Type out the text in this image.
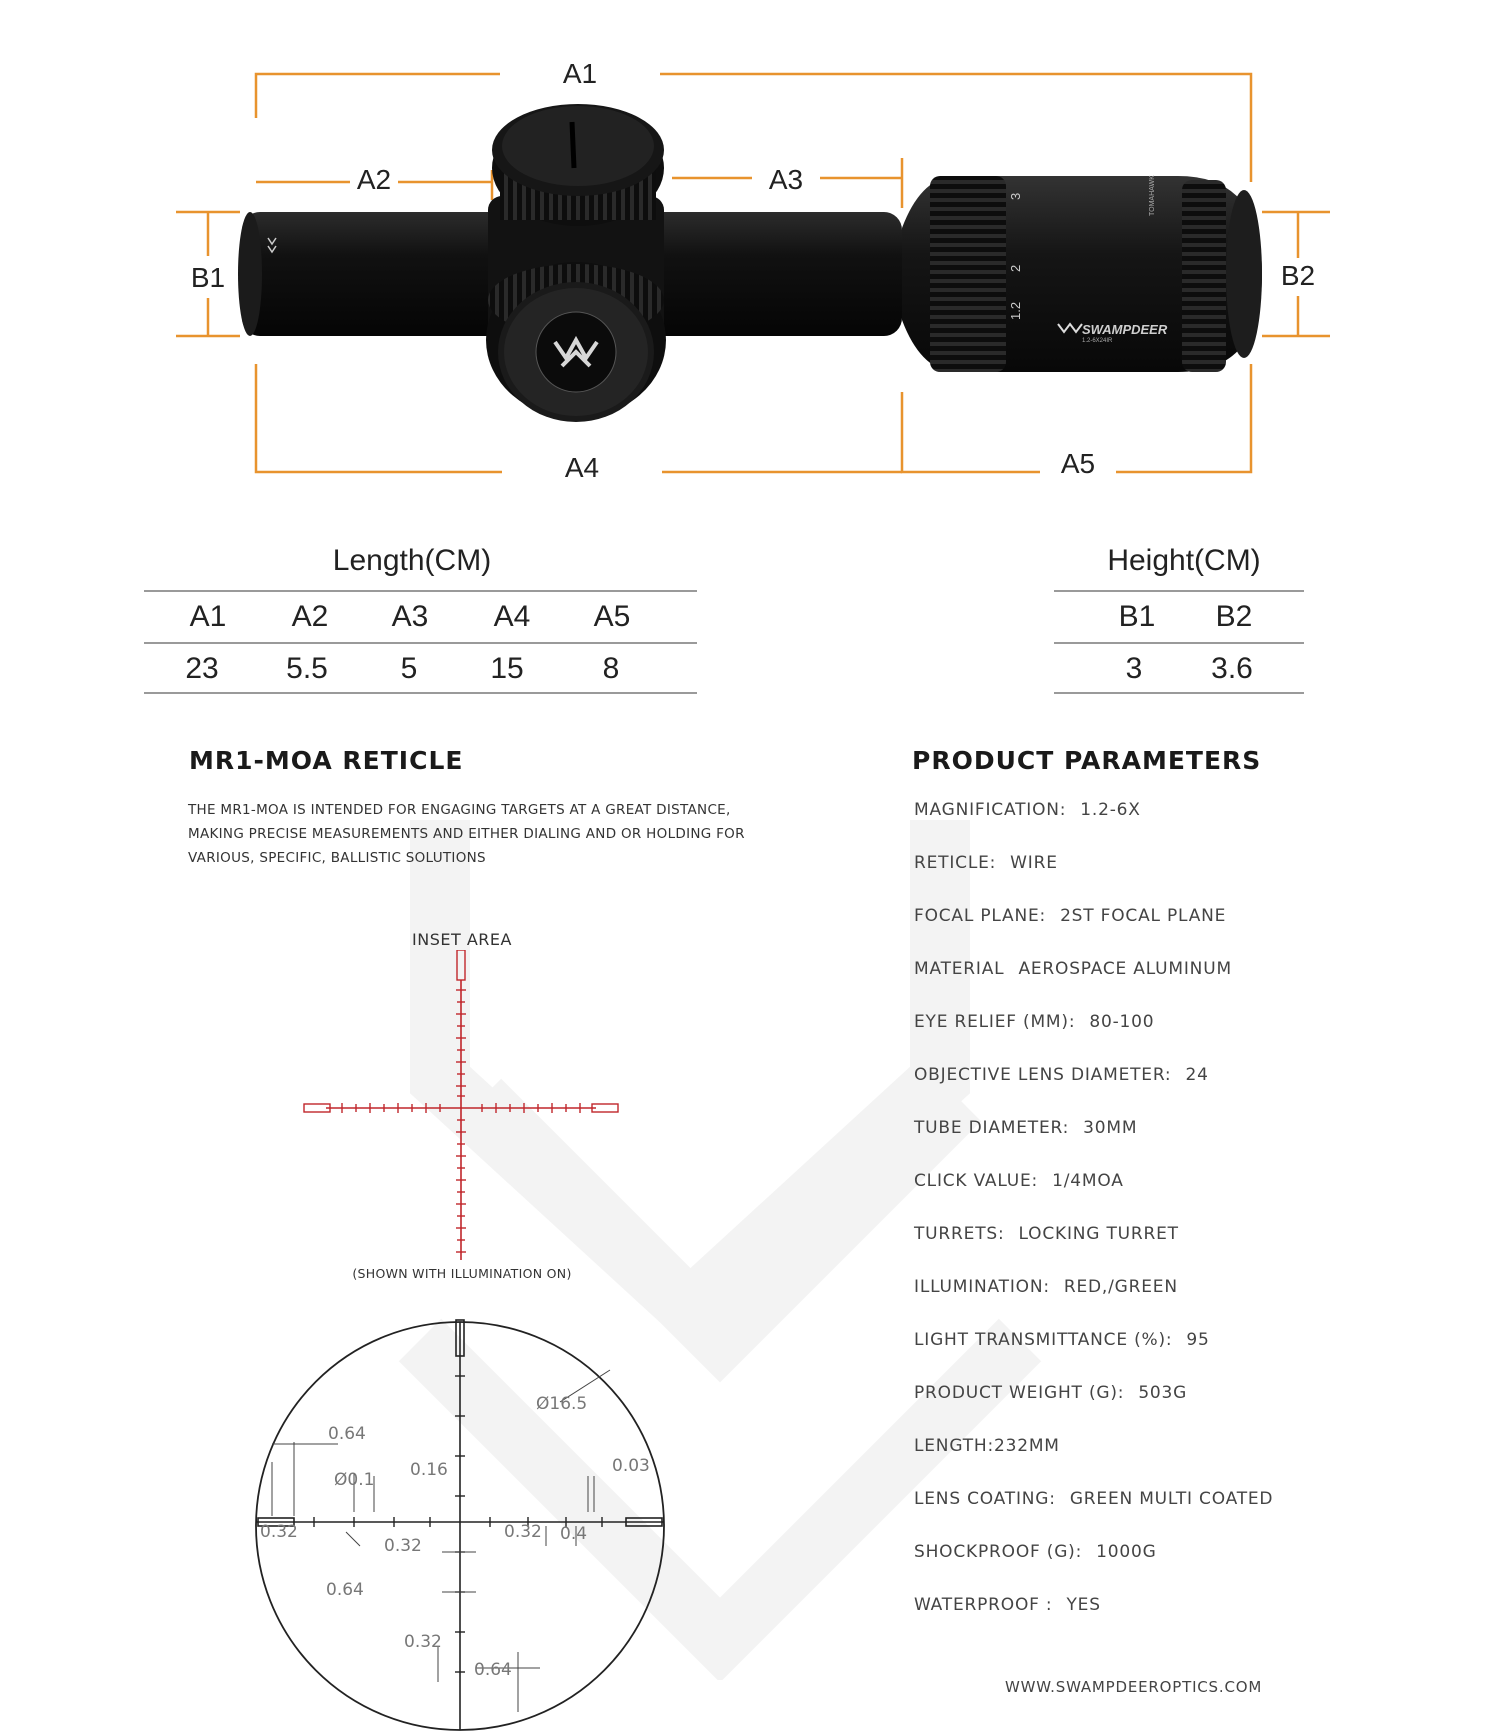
SWAMPDEER
1.2-6X24IR
1.2
2
3	TOMAHAWK
A1
A2	A3
A4	A5
B1	B2
Length(CM)
A1 A2 A3 A4 A5
23 5.5 5 15	8
Height(CM)
B1 B2
3 3.6
MR1-MOA RETICLE
THE MR1-MOA IS INTENDED FOR ENGAGING TARGETS AT A GREAT DISTANCE,
MAKING PRECISE MEASUREMENTS AND EITHER DIALING AND OR HOLDING FOR
VARIOUS, SPECIFIC, BALLISTIC SOLUTIONS
INSET AREA
(SHOWN WITH ILLUMINATION ON)
Ø16.5
0.64
Ø0.1 0.16	0.03
0.32
0.32
0.32 0.4
0.64
0.32
0.64
PRODUCT PARAMETERS
MAGNIFICATION: 1.2-6X
RETICLE: WIRE
FOCAL PLANE: 2ST FOCAL PLANE
MATERIAL AEROSPACE ALUMINUM
EYE RELIEF (MM): 80-100
OBJECTIVE LENS DIAMETER: 24
TUBE DIAMETER: 30MM
CLICK VALUE: 1/4MOA
TURRETS: LOCKING TURRET
ILLUMINATION: RED,/GREEN
LIGHT TRANSMITTANCE (%): 95
PRODUCT WEIGHT (G): 503G
LENGTH:232MM
LENS COATING: GREEN MULTI COATED
SHOCKPROOF (G): 1000G
WATERPROOF : YES
WWW.SWAMPDEEROPTICS.COM
